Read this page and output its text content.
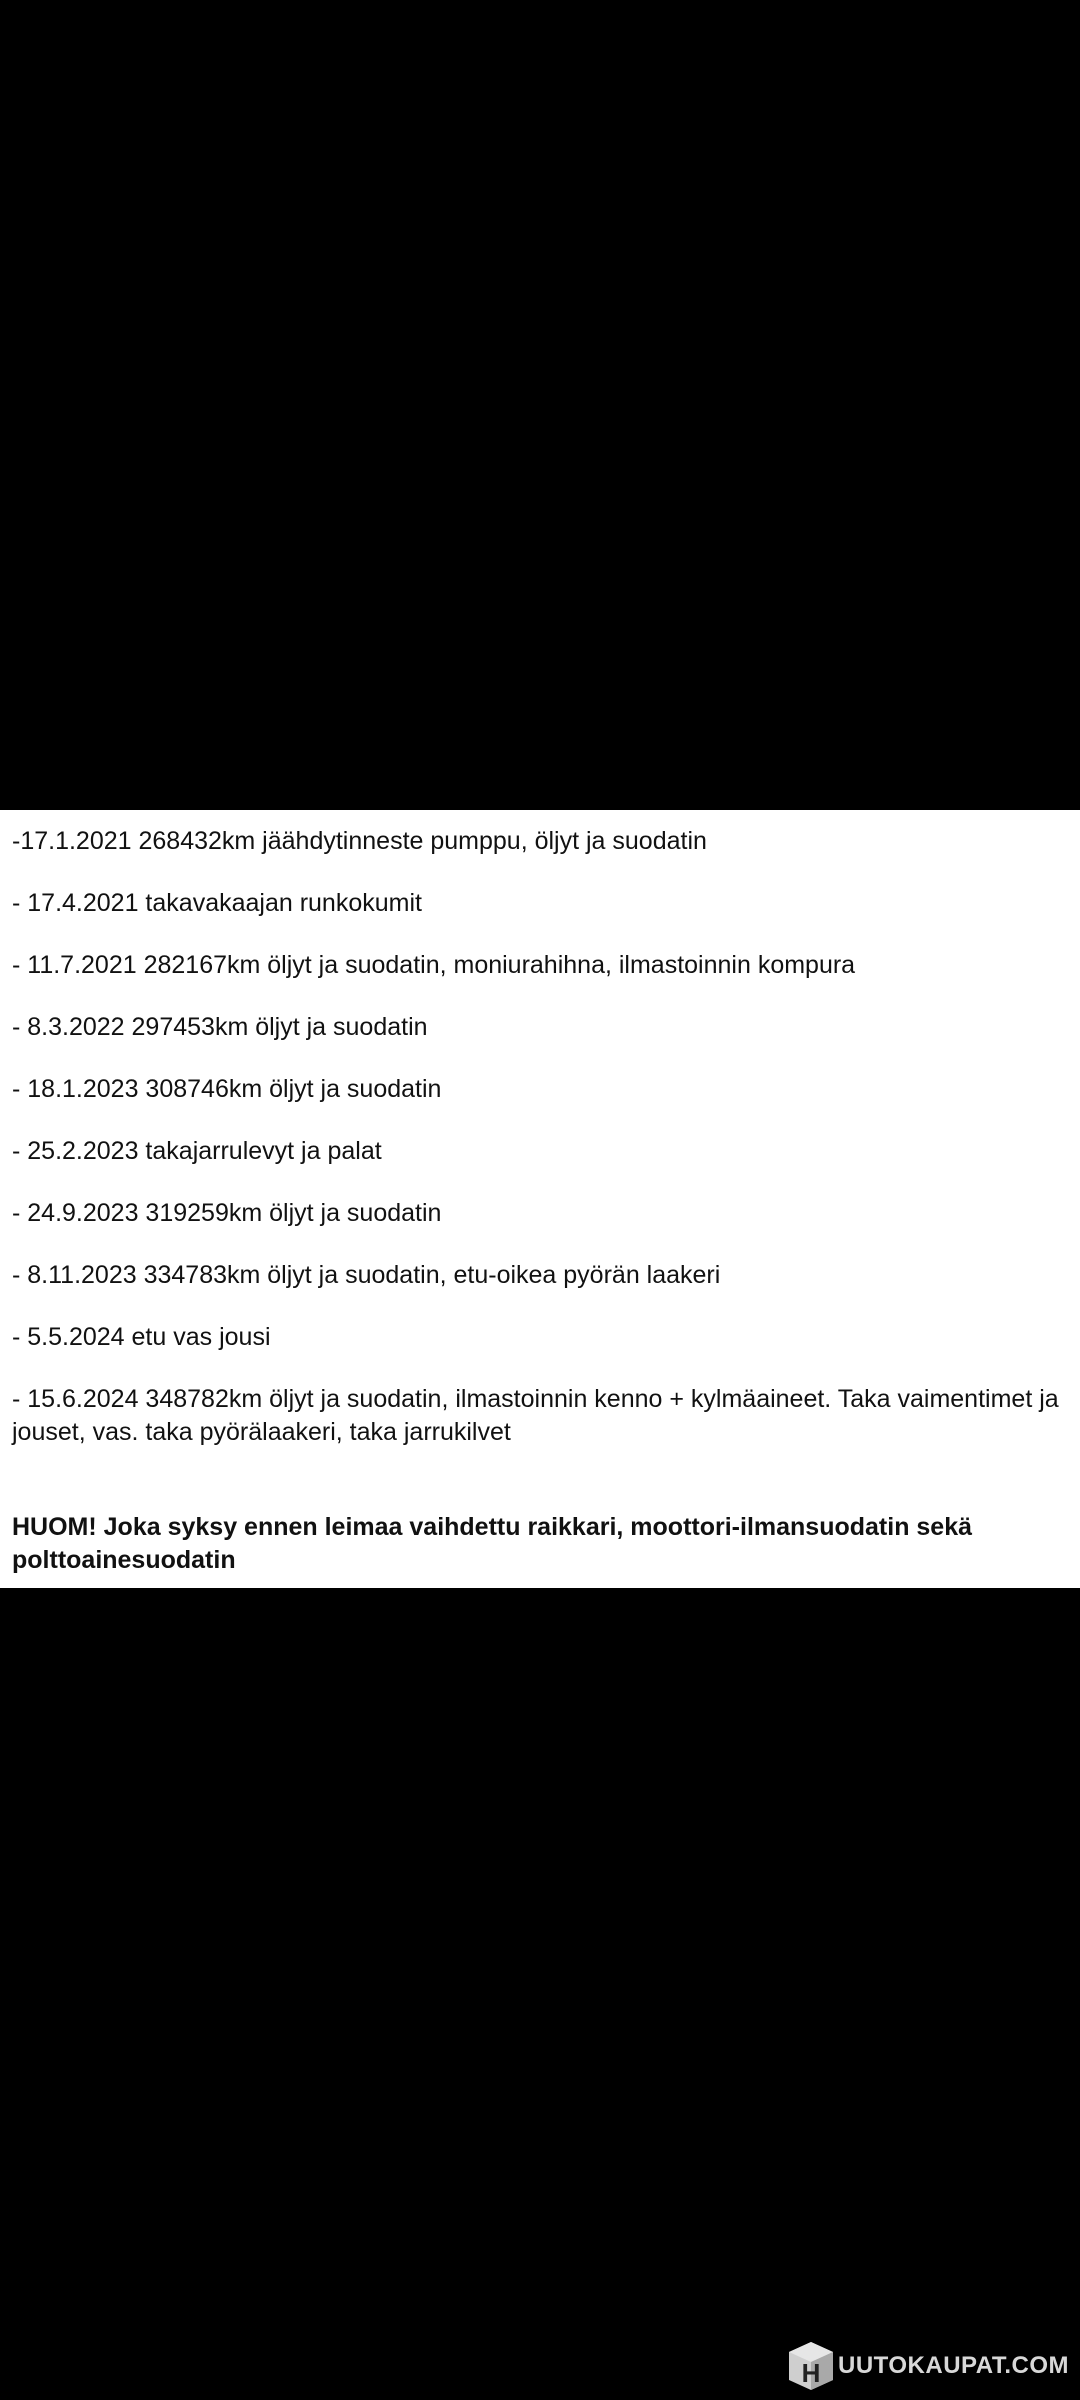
-17.1.2021 268432km jäähdytinneste pumppu, öljyt ja suodatin
- 17.4.2021 takavakaajan runkokumit
- 11.7.2021 282167km öljyt ja suodatin, moniurahihna, ilmastoinnin kompura
- 8.3.2022 297453km öljyt ja suodatin
- 18.1.2023 308746km öljyt ja suodatin
- 25.2.2023 takajarrulevyt ja palat
- 24.9.2023 319259km öljyt ja suodatin
- 8.11.2023 334783km öljyt ja suodatin, etu-oikea pyörän laakeri
- 5.5.2024 etu vas jousi
- 15.6.2024 348782km öljyt ja suodatin, ilmastoinnin kenno + kylmäaineet. Taka vaimentimet ja jouset, vas. taka pyörälaakeri, taka jarrukilvet
HUOM! Joka syksy ennen leimaa vaihdettu raikkari, moottori-ilmansuodatin sekä polttoainesuodatin
H UUTOKAUPAT.COM
